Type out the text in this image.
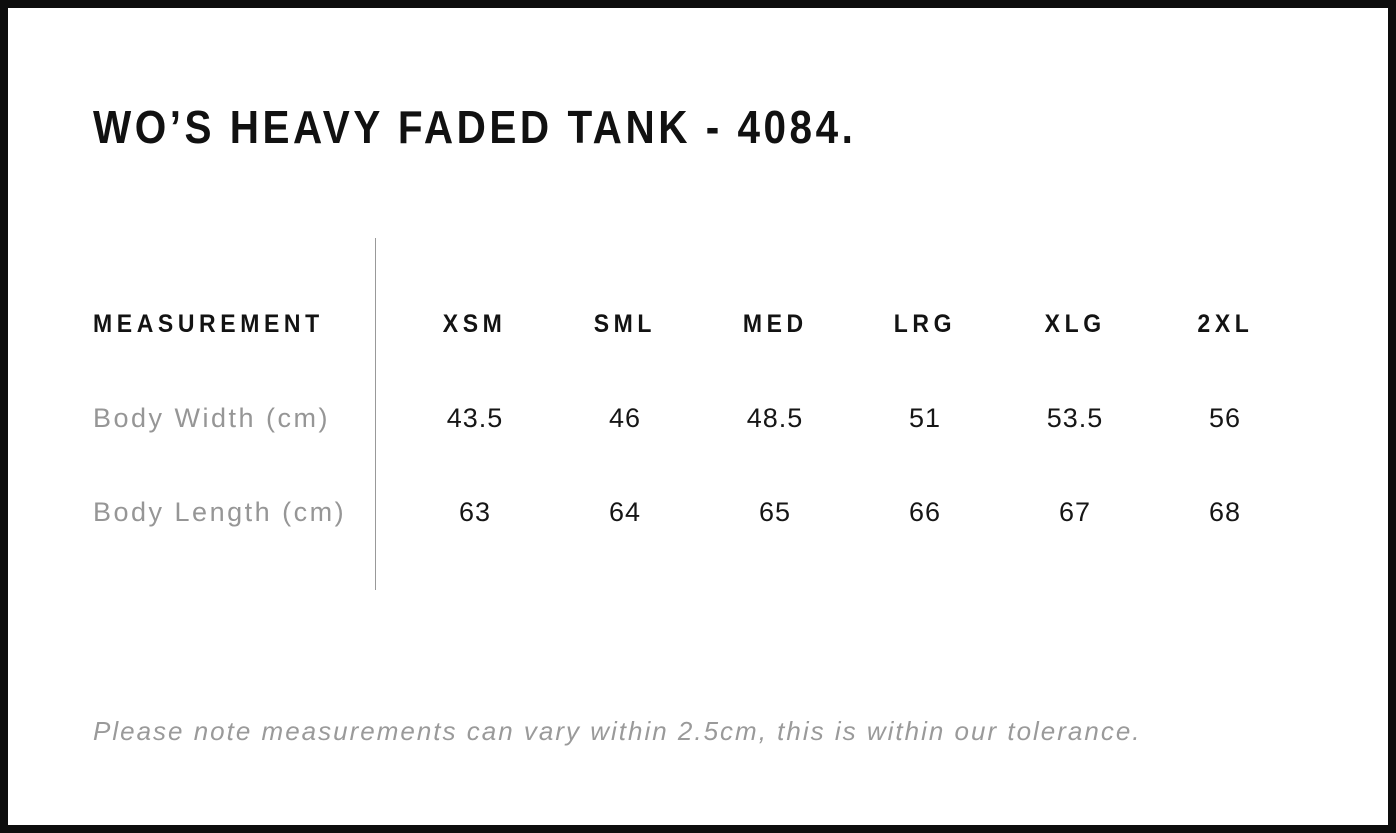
WO’S HEAVY FADED TANK - 4084.
MEASUREMENT	XSM	SML	MED	LRG	XLG	2XL
Body Width (cm)	43.5	46	48.5	51	53.5	56
Body Length (cm)	63	64	65	66	67	68

Please note measurements can vary within 2.5cm, this is within our tolerance.
